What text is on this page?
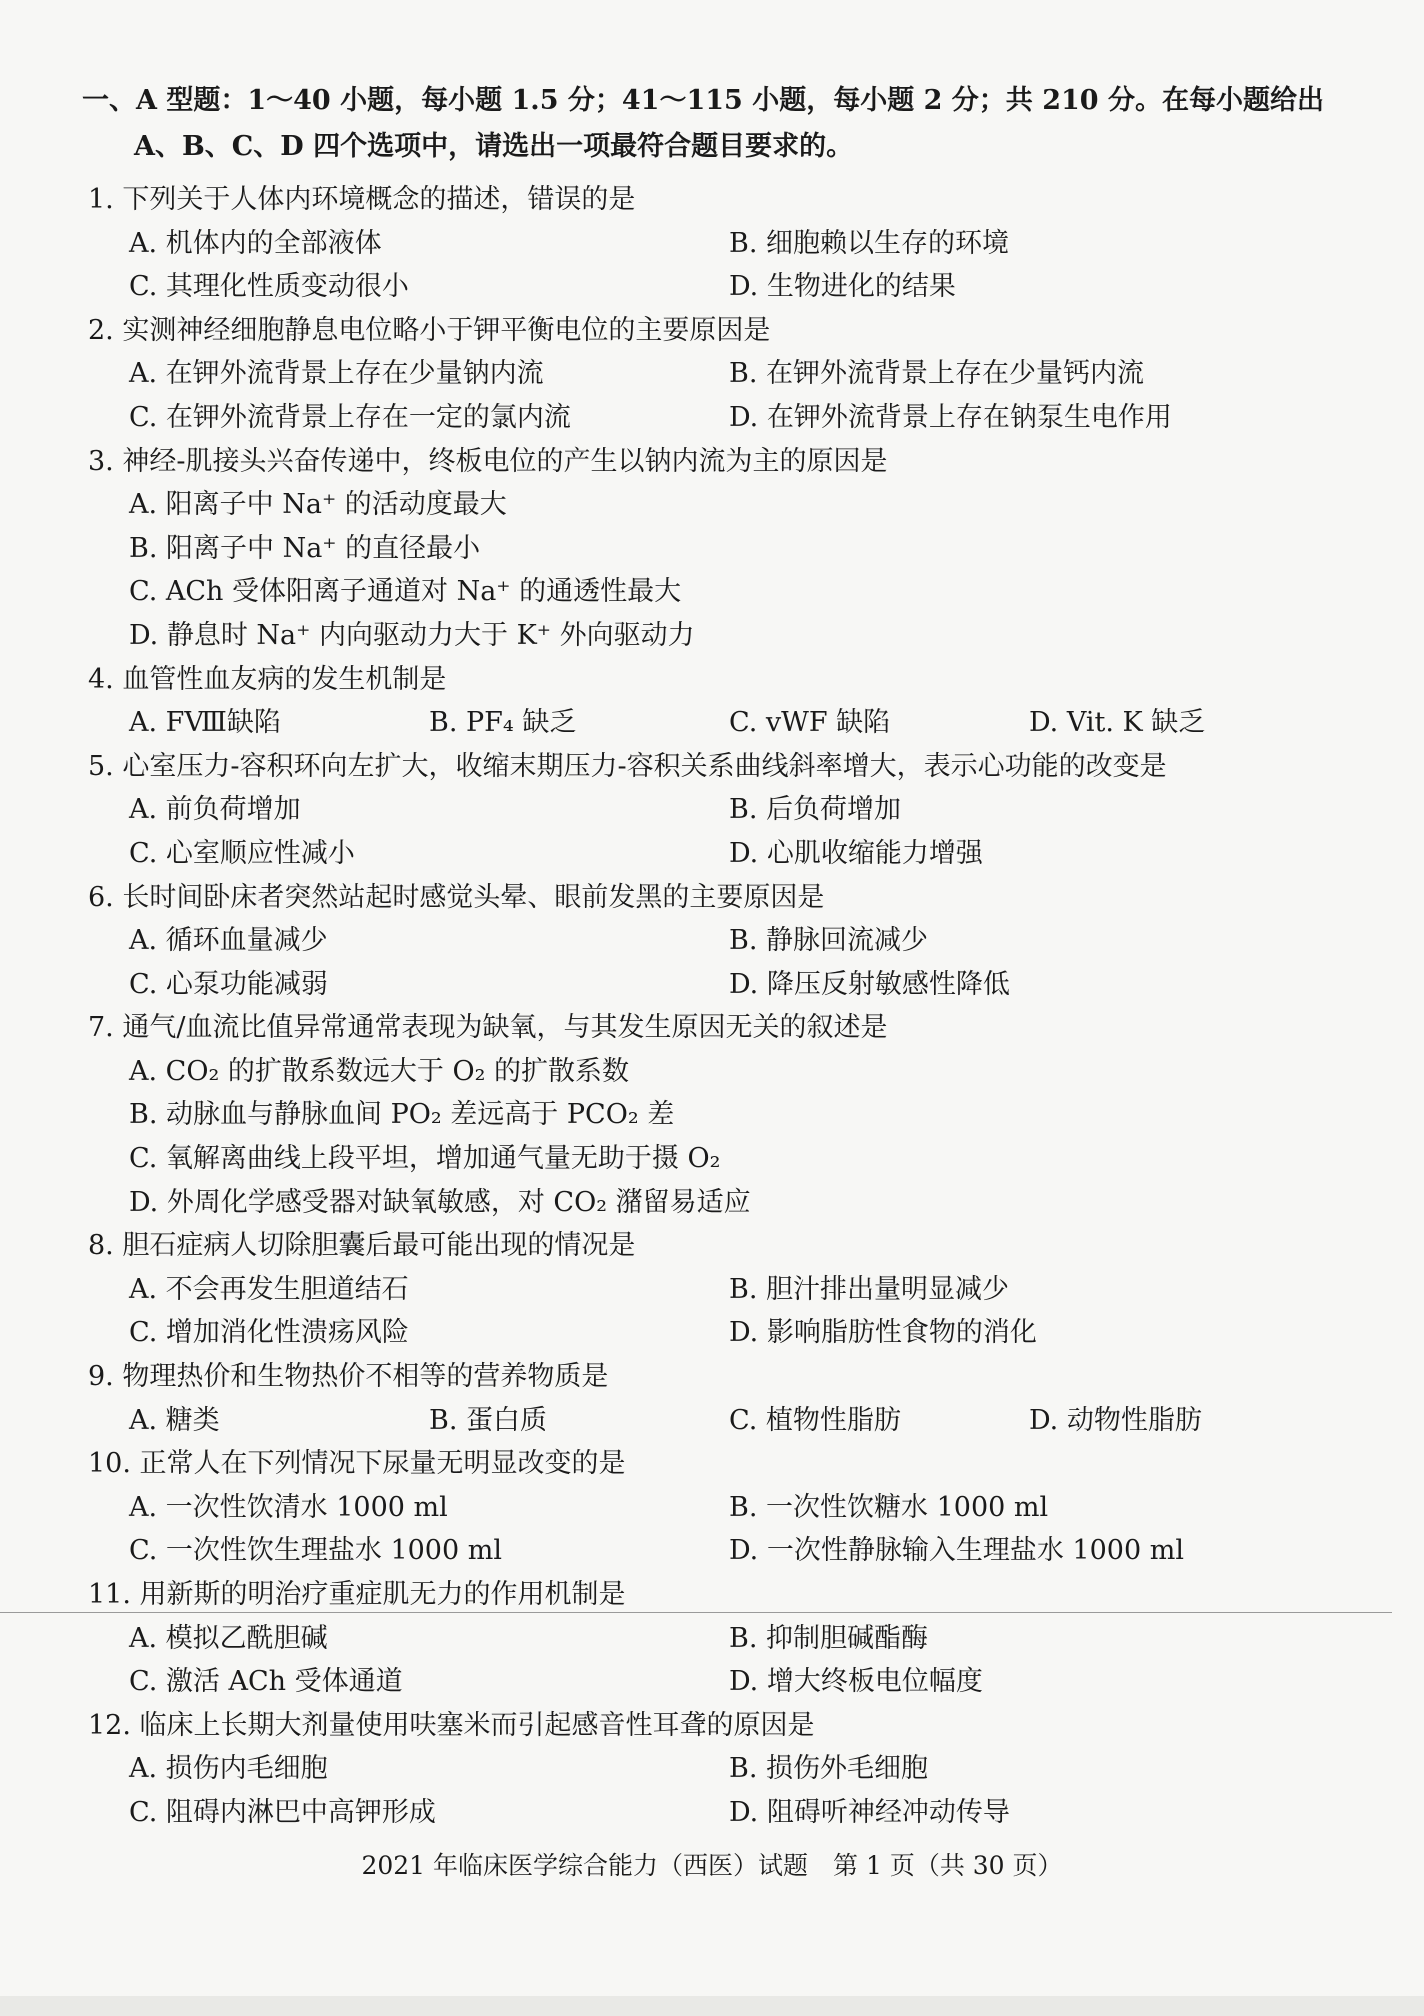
一、A 型题：1～40 小题，每小题 1.5 分；41～115 小题，每小题 2 分；共 210 分。在每小题给出
A、B、C、D 四个选项中，请选出一项最符合题目要求的。
1. 下列关于人体内环境概念的描述，错误的是
A. 机体内的全部液体	B. 细胞赖以生存的环境
C. 其理化性质变动很小	D. 生物进化的结果
2. 实测神经细胞静息电位略小于钾平衡电位的主要原因是
A. 在钾外流背景上存在少量钠内流	B. 在钾外流背景上存在少量钙内流
C. 在钾外流背景上存在一定的氯内流	D. 在钾外流背景上存在钠泵生电作用
3. 神经-肌接头兴奋传递中，终板电位的产生以钠内流为主的原因是
A. 阳离子中 Na⁺ 的活动度最大
B. 阳离子中 Na⁺ 的直径最小
C. ACh 受体阳离子通道对 Na⁺ 的通透性最大
D. 静息时 Na⁺ 内向驱动力大于 K⁺ 外向驱动力
4. 血管性血友病的发生机制是
A. FⅧ缺陷	B. PF₄ 缺乏	C. vWF 缺陷	D. Vit. K 缺乏
5. 心室压力-容积环向左扩大，收缩末期压力-容积关系曲线斜率增大，表示心功能的改变是
A. 前负荷增加	B. 后负荷增加
C. 心室顺应性减小	D. 心肌收缩能力增强
6. 长时间卧床者突然站起时感觉头晕、眼前发黑的主要原因是
A. 循环血量减少	B. 静脉回流减少
C. 心泵功能减弱	D. 降压反射敏感性降低
7. 通气/血流比值异常通常表现为缺氧，与其发生原因无关的叙述是
A. CO₂ 的扩散系数远大于 O₂ 的扩散系数
B. 动脉血与静脉血间 PO₂ 差远高于 PCO₂ 差
C. 氧解离曲线上段平坦，增加通气量无助于摄 O₂
D. 外周化学感受器对缺氧敏感，对 CO₂ 潴留易适应
8. 胆石症病人切除胆囊后最可能出现的情况是
A. 不会再发生胆道结石	B. 胆汁排出量明显减少
C. 增加消化性溃疡风险	D. 影响脂肪性食物的消化
9. 物理热价和生物热价不相等的营养物质是
A. 糖类	B. 蛋白质	C. 植物性脂肪	D. 动物性脂肪
10. 正常人在下列情况下尿量无明显改变的是
A. 一次性饮清水 1000 ml	B. 一次性饮糖水 1000 ml
C. 一次性饮生理盐水 1000 ml	D. 一次性静脉输入生理盐水 1000 ml
11. 用新斯的明治疗重症肌无力的作用机制是
A. 模拟乙酰胆碱	B. 抑制胆碱酯酶
C. 激活 ACh 受体通道	D. 增大终板电位幅度
12. 临床上长期大剂量使用呋塞米而引起感音性耳聋的原因是
A. 损伤内毛细胞	B. 损伤外毛细胞
C. 阻碍内淋巴中高钾形成	D. 阻碍听神经冲动传导
2021 年临床医学综合能力（西医）试题　第 1 页（共 30 页）
